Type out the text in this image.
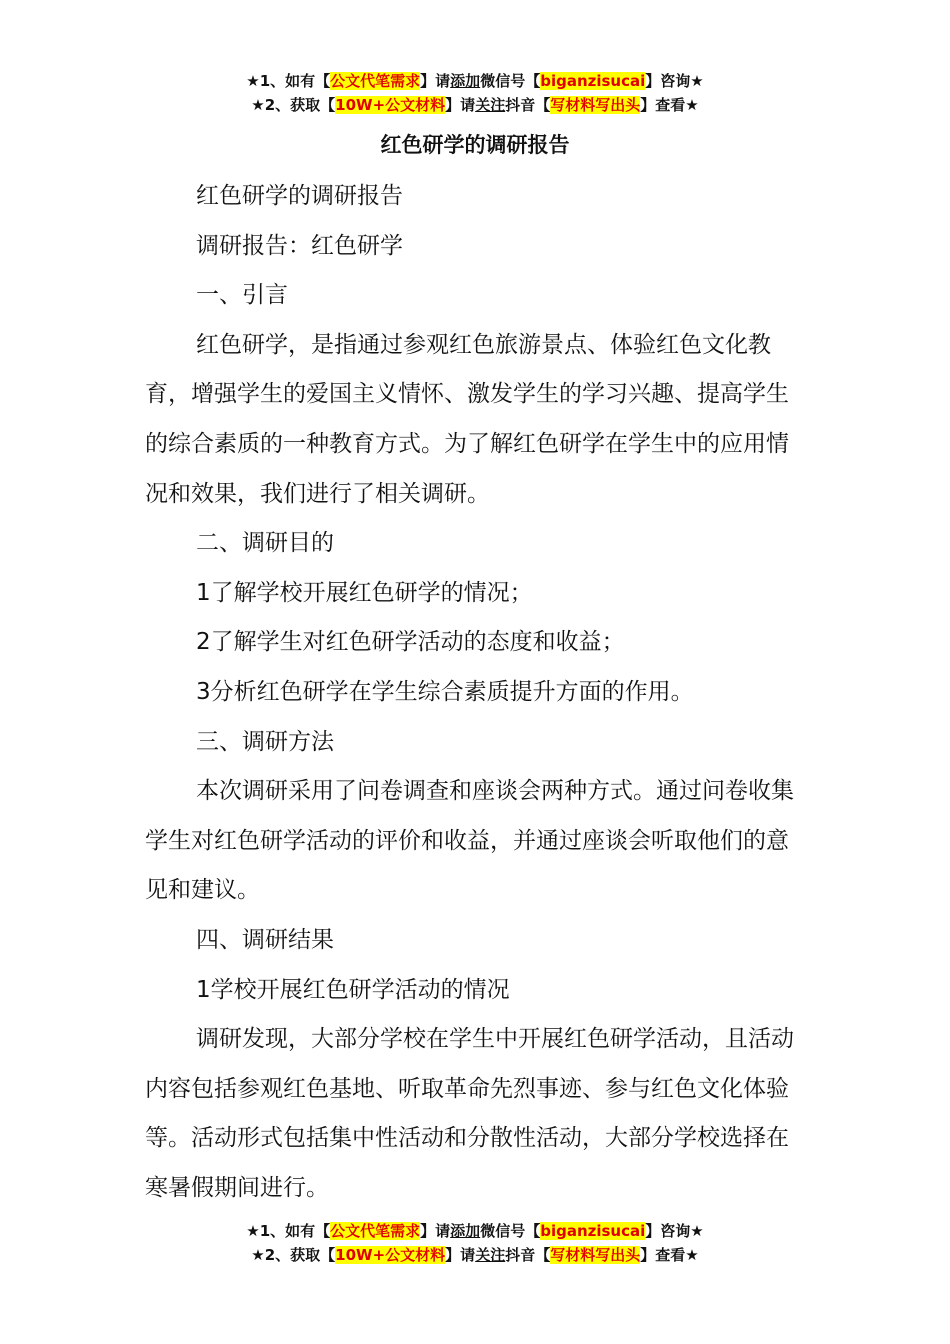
★1、如有【公文代笔需求】请添加微信号【biganzisucai】咨询★
★2、获取【10W+公文材料】请关注抖音【写材料写出头】查看★
红色研学的调研报告

红色研学的调研报告

调研报告：红色研学

一、引言

红色研学，是指通过参观红色旅游景点、体验红色文化教育，增强学生的爱国主义情怀、激发学生的学习兴趣、提高学生的综合素质的一种教育方式。为了解红色研学在学生中的应用情况和效果，我们进行了相关调研。

二、调研目的

1了解学校开展红色研学的情况；

2了解学生对红色研学活动的态度和收益；

3分析红色研学在学生综合素质提升方面的作用。

三、调研方法

本次调研采用了问卷调查和座谈会两种方式。通过问卷收集学生对红色研学活动的评价和收益，并通过座谈会听取他们的意见和建议。

四、调研结果

1学校开展红色研学活动的情况

调研发现，大部分学校在学生中开展红色研学活动，且活动内容包括参观红色基地、听取革命先烈事迹、参与红色文化体验等。活动形式包括集中性活动和分散性活动，大部分学校选择在寒暑假期间进行。

★1、如有【公文代笔需求】请添加微信号【biganzisucai】咨询★
★2、获取【10W+公文材料】请关注抖音【写材料写出头】查看★
